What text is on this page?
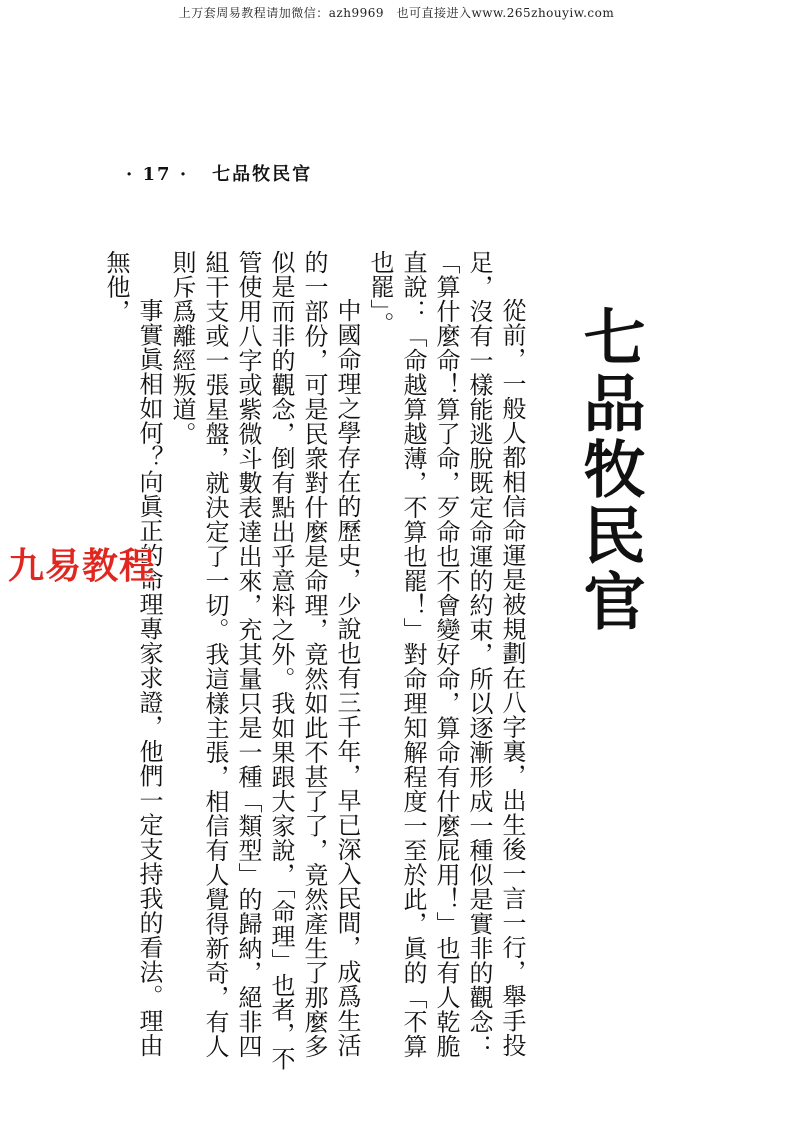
上万套周易教程请加微信：azh9969　也可直接进入www.265zhouyiw.com
· 17 · 七品牧民官
七品牧民官

從前，一般人都相信命運是被規劃在八字裏，出生後一言一行，舉手投足，沒有一樣能逃脫既定命運的約束，所以逐漸形成一種似是實非的觀念：「算什麼命！算了命，歹命也不會變好命，算命有什麼屁用！」也有人乾脆直說：「命越算越薄，不算也罷！」對命理知解程度一至於此，眞的「不算也罷」。

中國命理之學存在的歷史，少說也有三千年，早已深入民間，成爲生活的一部份，可是民衆對什麼是命理，竟然如此不甚了了，竟然產生了那麼多似是而非的觀念，倒有點出乎意料之外。我如果跟大家說，「命理」也者，不管使用八字或紫微斗數表達出來，充其量只是一種「類型」的歸納，絕非四組干支或一張星盤，就決定了一切。我這樣主張，相信有人覺得新奇，有人則斥爲離經叛道。

事實眞相如何？向眞正的命理專家求證，他們一定支持我的看法。理由無他，

九易教程
